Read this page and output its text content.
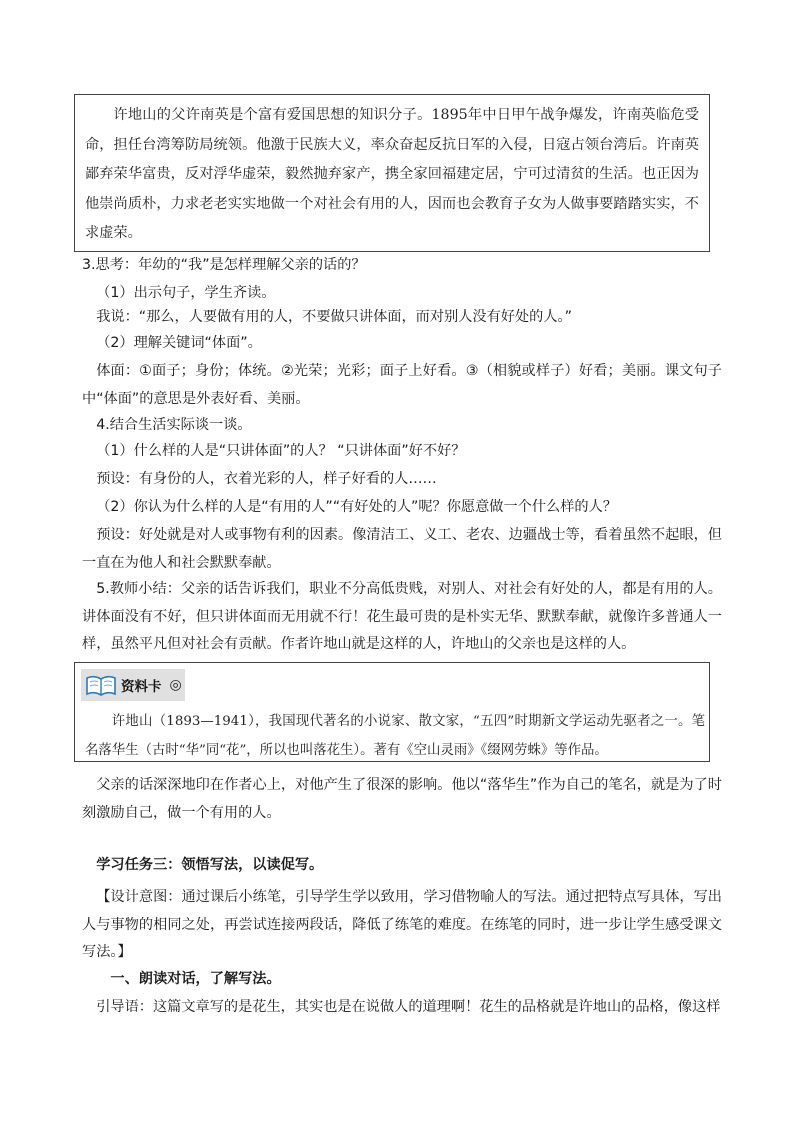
许地山的父许南英是个富有爱国思想的知识分子。1895年中日甲午战争爆发，许南英临危受命，担任台湾筹防局统领。他激于民族大义，率众奋起反抗日军的入侵，日寇占领台湾后。许南英鄙弃荣华富贵，反对浮华虚荣，毅然抛弃家产，携全家回福建定居，宁可过清贫的生活。也正因为他崇尚质朴，力求老老实实地做一个对社会有用的人，因而也会教育子女为人做事要踏踏实实，不求虚荣。
3.思考：年幼的“我”是怎样理解父亲的话的？
（1）出示句子，学生齐读。
我说：“那么，人要做有用的人，不要做只讲体面，而对别人没有好处的人。”
（2）理解关键词“体面”。
体面：①面子；身份；体统。②光荣；光彩；面子上好看。③（相貌或样子）好看；美丽。课文句子中“体面”的意思是外表好看、美丽。
4.结合生活实际谈一谈。
（1）什么样的人是“只讲体面”的人？ “只讲体面”好不好？
预设：有身份的人，衣着光彩的人，样子好看的人……
（2）你认为什么样的人是“有用的人”“有好处的人”呢？你愿意做一个什么样的人？
预设：好处就是对人或事物有利的因素。像清洁工、义工、老农、边疆战士等，看着虽然不起眼，但一直在为他人和社会默默奉献。
5.教师小结：父亲的话告诉我们，职业不分高低贵贱，对别人、对社会有好处的人，都是有用的人。讲体面没有不好，但只讲体面而无用就不行！花生最可贵的是朴实无华、默默奉献，就像许多普通人一样，虽然平凡但对社会有贡献。作者许地山就是这样的人，许地山的父亲也是这样的人。
资料卡 ◎
许地山（1893—1941），我国现代著名的小说家、散文家，“五四”时期新文学运动先驱者之一。笔名落华生（古时“华”同“花”，所以也叫落花生）。著有《空山灵雨》《缀网劳蛛》等作品。
父亲的话深深地印在作者心上，对他产生了很深的影响。他以“落华生”作为自己的笔名，就是为了时刻激励自己，做一个有用的人。
学习任务三：领悟写法，以读促写。
【设计意图：通过课后小练笔，引导学生学以致用，学习借物喻人的写法。通过把特点写具体，写出人与事物的相同之处，再尝试连接两段话，降低了练笔的难度。在练笔的同时，进一步让学生感受课文写法。】
一、朗读对话，了解写法。
引导语：这篇文章写的是花生，其实也是在说做人的道理啊！花生的品格就是许地山的品格，像这样
